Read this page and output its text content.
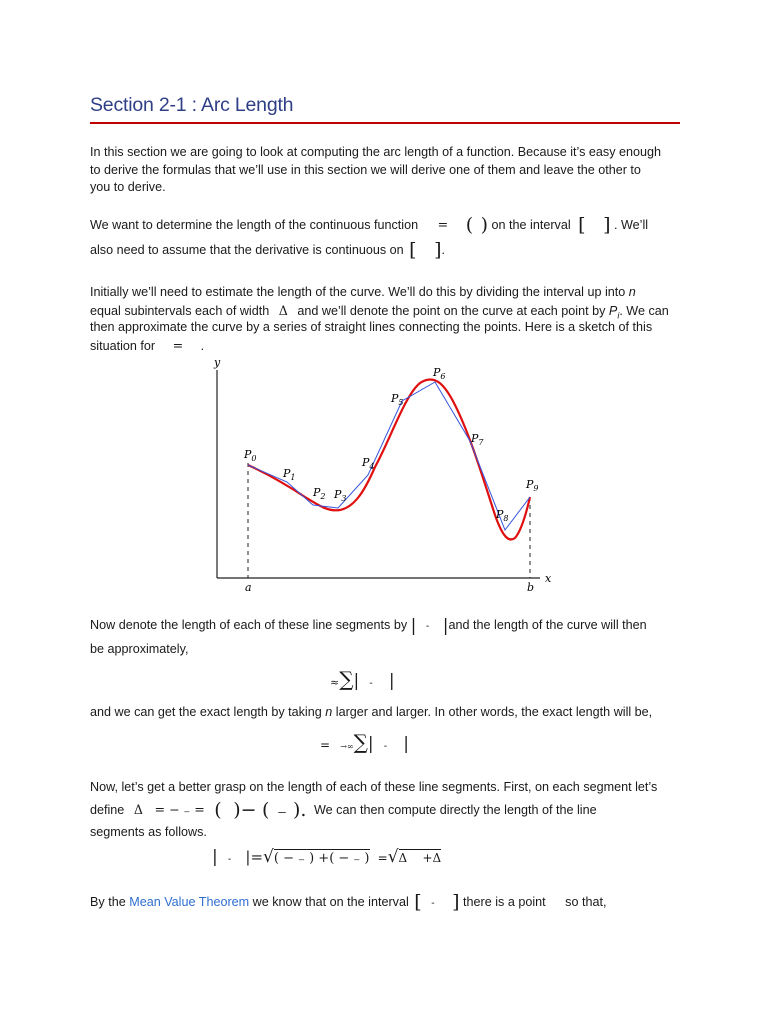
Section 2-1 : Arc Length
In this section we are going to look at computing the arc length of a function. Because it’s easy enough
to derive the formulas that we’ll use in this section we will derive one of them and leave the other to
you to derive.
We want to determine the length of the continuous function = ( ) on the interval [ ] . We’ll
also need to assume that the derivative is continuous on [ ].
Initially we’ll need to estimate the length of the curve. We’ll do this by dividing the interval up into n
equal subintervals each of width Δ and we’ll denote the point on the curve at each point by $P_i$. We can
then approximate the curve by a series of straight lines connecting the points. Here is a sketch of this
situation for = .
y
x
a	b
$P_0$
$P_1$
$P_2$ $P_3$
$P_4$
$P_5$
$P_6$
$P_7$
$P_8$
$P_9$
Now denote the length of each of these line segments by | - |and the length of the curve will then
be approximately,
≈∑| - |
and we can get the exact length by taking n larger and larger. In other words, the exact length will be,
= →∞∑| - |
Now, let’s get a better grasp on the length of each of these line segments. First, on each segment let’s
define Δ = − ₋ = ( )− ( ₋ ). We can then compute directly the length of the line
segments as follows.
| - |=√( − ₋ ) +( − ₋ ) =√Δ    +Δ
By the Mean Value Theorem we know that on the interval [ - ] there is a point so that,
